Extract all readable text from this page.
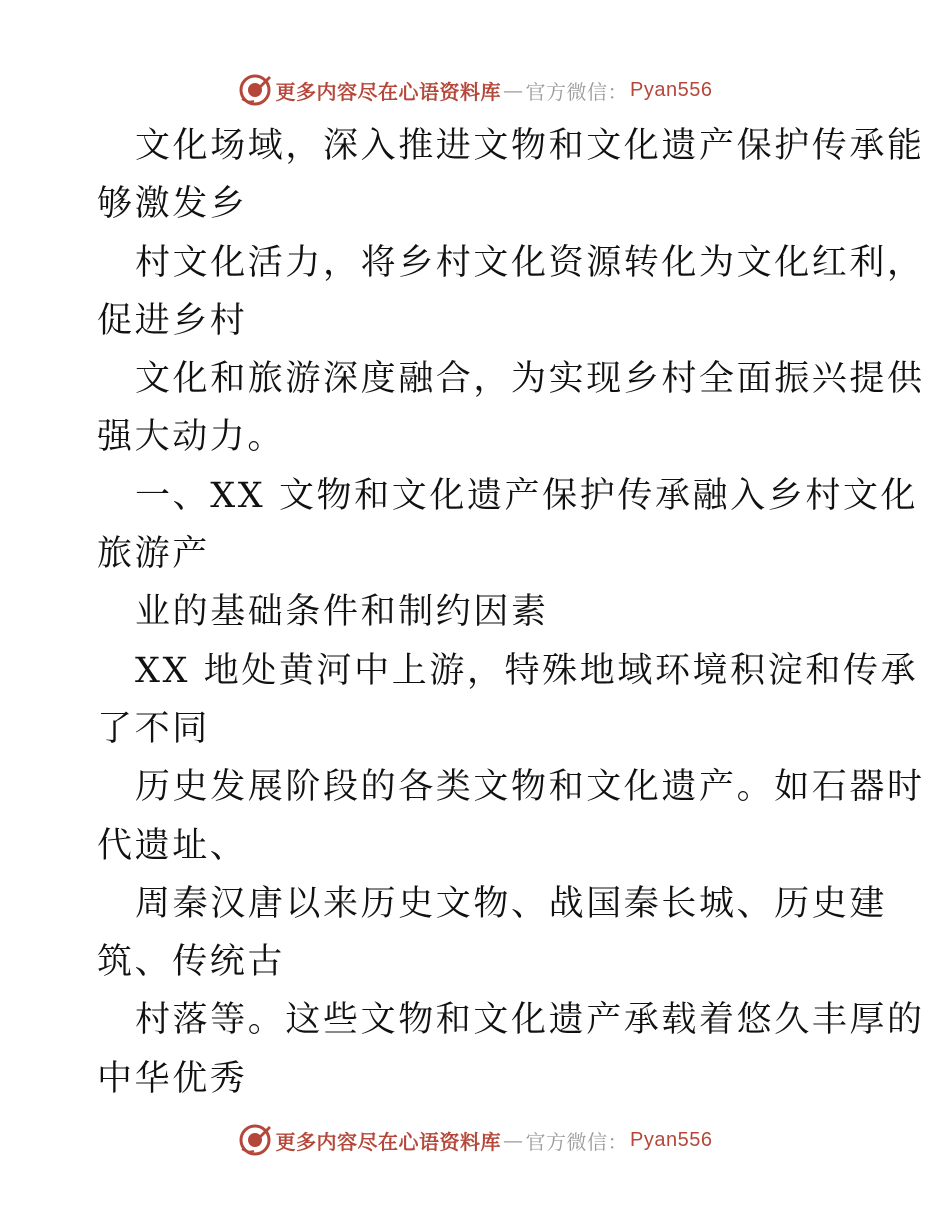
更多内容尽在心语资料库 — 官方微信： Pyan556
文化场域，深入推进文物和文化遗产保护传承能
够激发乡
村文化活力，将乡村文化资源转化为文化红利，
促进乡村
文化和旅游深度融合，为实现乡村全面振兴提供
强大动力。
一、XX 文物和文化遗产保护传承融入乡村文化
旅游产
业的基础条件和制约因素
XX 地处黄河中上游，特殊地域环境积淀和传承
了不同
历史发展阶段的各类文物和文化遗产。如石器时
代遗址、
周秦汉唐以来历史文物、战国秦长城、历史建
筑、传统古
村落等。这些文物和文化遗产承载着悠久丰厚的
中华优秀
更多内容尽在心语资料库 — 官方微信： Pyan556
